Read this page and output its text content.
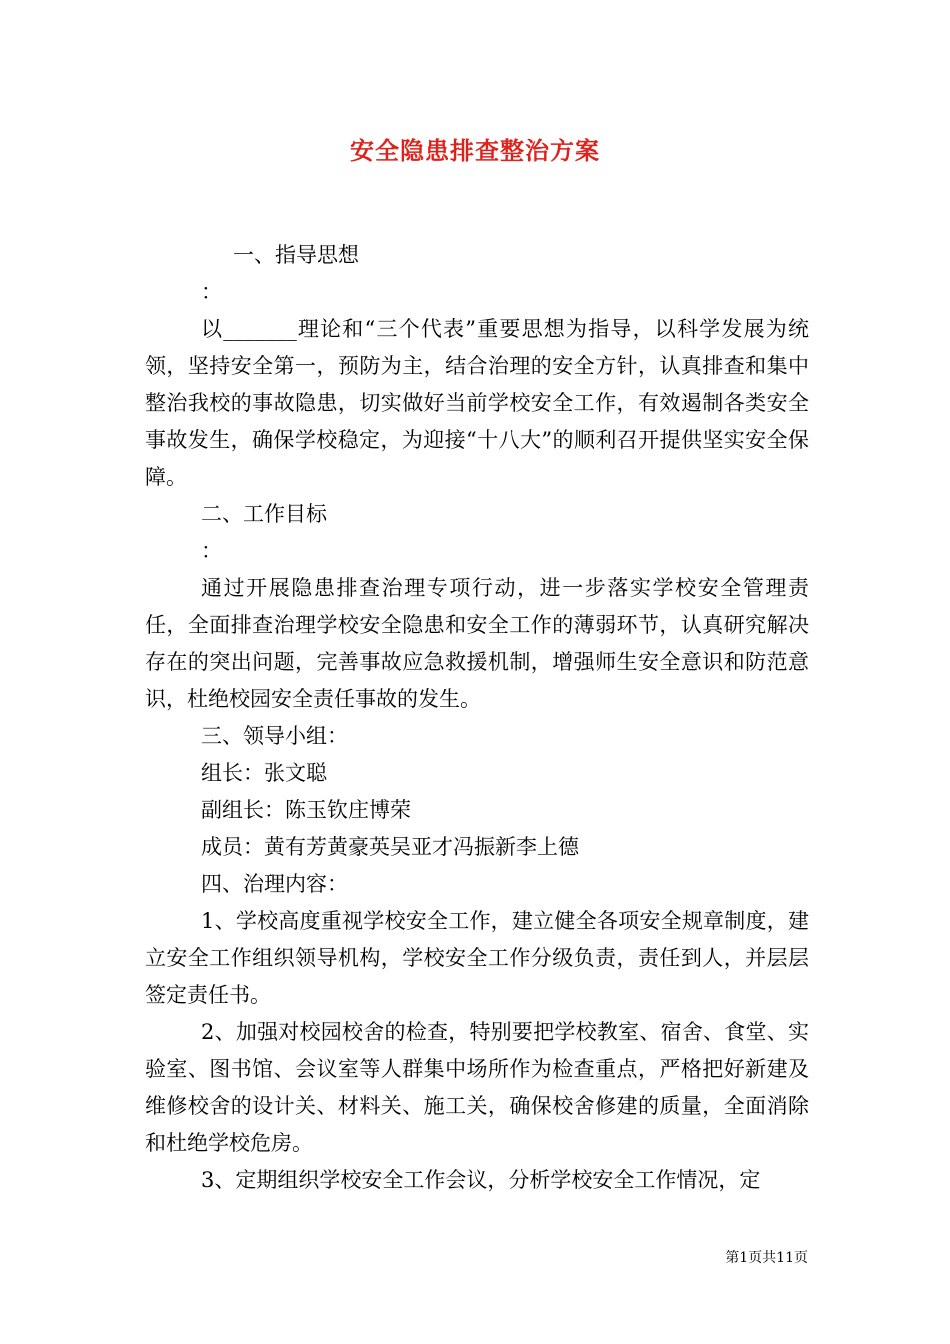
安全隐患排查整治方案

一、指导思想

：

以_______理论和“三个代表”重要思想为指导，以科学发展为统领，坚持安全第一，预防为主，结合治理的安全方针，认真排查和集中整治我校的事故隐患，切实做好当前学校安全工作，有效遏制各类安全事故发生，确保学校稳定，为迎接“十八大”的顺利召开提供坚实安全保障。

二、工作目标

：

通过开展隐患排查治理专项行动，进一步落实学校安全管理责任，全面排查治理学校安全隐患和安全工作的薄弱环节，认真研究解决存在的突出问题，完善事故应急救援机制，增强师生安全意识和防范意识，杜绝校园安全责任事故的发生。

三、领导小组：

组长：张文聪

副组长：陈玉钦庄博荣

成员：黄有芳黄豪英吴亚才冯振新李上德

四、治理内容：

1、学校高度重视学校安全工作，建立健全各项安全规章制度，建立安全工作组织领导机构，学校安全工作分级负责，责任到人，并层层签定责任书。

2、加强对校园校舍的检查，特别要把学校教室、宿舍、食堂、实验室、图书馆、会议室等人群集中场所作为检查重点，严格把好新建及维修校舍的设计关、材料关、施工关，确保校舍修建的质量，全面消除和杜绝学校危房。

3、定期组织学校安全工作会议，分析学校安全工作情况，定

第1页共11页
